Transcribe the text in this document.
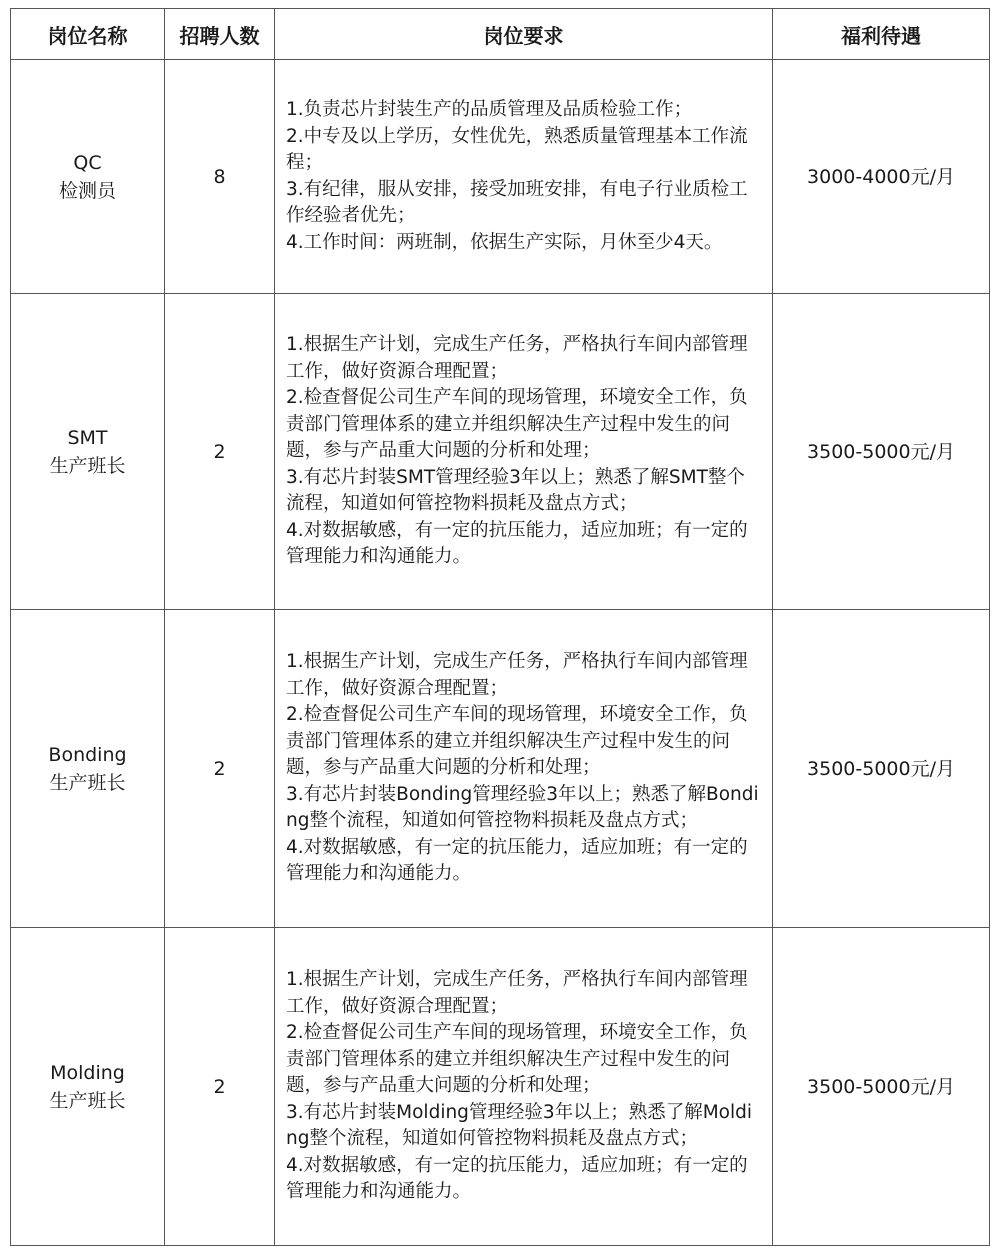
岗位名称	招聘人数	岗位要求	福利待遇

QC
检测员	8	1.负责芯片封装生产的品质管理及品质检验工作；
2.中专及以上学历，女性优先，熟悉质量管理基本工作流程；
3.有纪律，服从安排，接受加班安排，有电子行业质检工作经验者优先；
4.工作时间：两班制，依据生产实际，月休至少4天。	3000-4000元/月

SMT
生产班长	2	1.根据生产计划，完成生产任务，严格执行车间内部管理工作，做好资源合理配置；
2.检查督促公司生产车间的现场管理，环境安全工作，负责部门管理体系的建立并组织解决生产过程中发生的问题，参与产品重大问题的分析和处理；
3.有芯片封装SMT管理经验3年以上；熟悉了解SMT整个流程，知道如何管控物料损耗及盘点方式；
4.对数据敏感，有一定的抗压能力，适应加班；有一定的管理能力和沟通能力。	3500-5000元/月

Bonding
生产班长	2	1.根据生产计划，完成生产任务，严格执行车间内部管理工作，做好资源合理配置；
2.检查督促公司生产车间的现场管理，环境安全工作，负责部门管理体系的建立并组织解决生产过程中发生的问题，参与产品重大问题的分析和处理；
3.有芯片封装Bonding管理经验3年以上；熟悉了解Bonding整个流程，知道如何管控物料损耗及盘点方式；
4.对数据敏感，有一定的抗压能力，适应加班；有一定的管理能力和沟通能力。	3500-5000元/月

Molding
生产班长	2	1.根据生产计划，完成生产任务，严格执行车间内部管理工作，做好资源合理配置；
2.检查督促公司生产车间的现场管理，环境安全工作，负责部门管理体系的建立并组织解决生产过程中发生的问题，参与产品重大问题的分析和处理；
3.有芯片封装Molding管理经验3年以上；熟悉了解Molding整个流程，知道如何管控物料损耗及盘点方式；
4.对数据敏感，有一定的抗压能力，适应加班；有一定的管理能力和沟通能力。	3500-5000元/月
